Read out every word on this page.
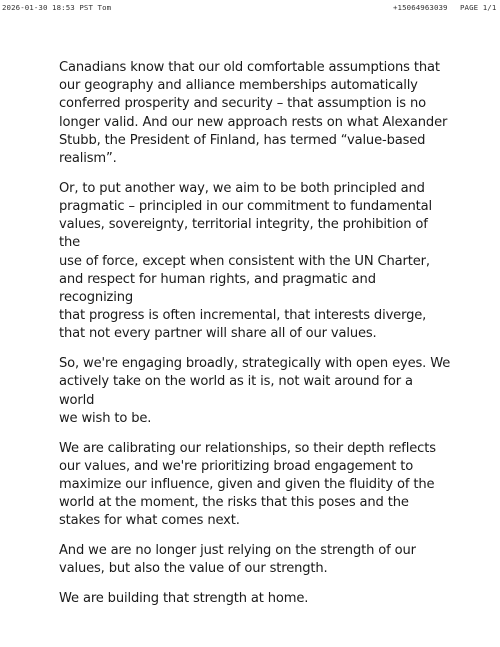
2026-01-30 18:53 PST Tom	+15064963039 PAGE 1/1

Canadians know that our old comfortable assumptions that
our geography and alliance memberships automatically
conferred prosperity and security – that assumption is no
longer valid. And our new approach rests on what Alexander
Stubb, the President of Finland, has termed “value-based
realism”.

Or, to put another way, we aim to be both principled and
pragmatic – principled in our commitment to fundamental
values, sovereignty, territorial integrity, the prohibition of the
use of force, except when consistent with the UN Charter,
and respect for human rights, and pragmatic and recognizing
that progress is often incremental, that interests diverge,
that not every partner will share all of our values.

So, we're engaging broadly, strategically with open eyes. We
actively take on the world as it is, not wait around for a world
we wish to be.

We are calibrating our relationships, so their depth reflects
our values, and we're prioritizing broad engagement to
maximize our influence, given and given the fluidity of the
world at the moment, the risks that this poses and the
stakes for what comes next.

And we are no longer just relying on the strength of our
values, but also the value of our strength.

We are building that strength at home.
